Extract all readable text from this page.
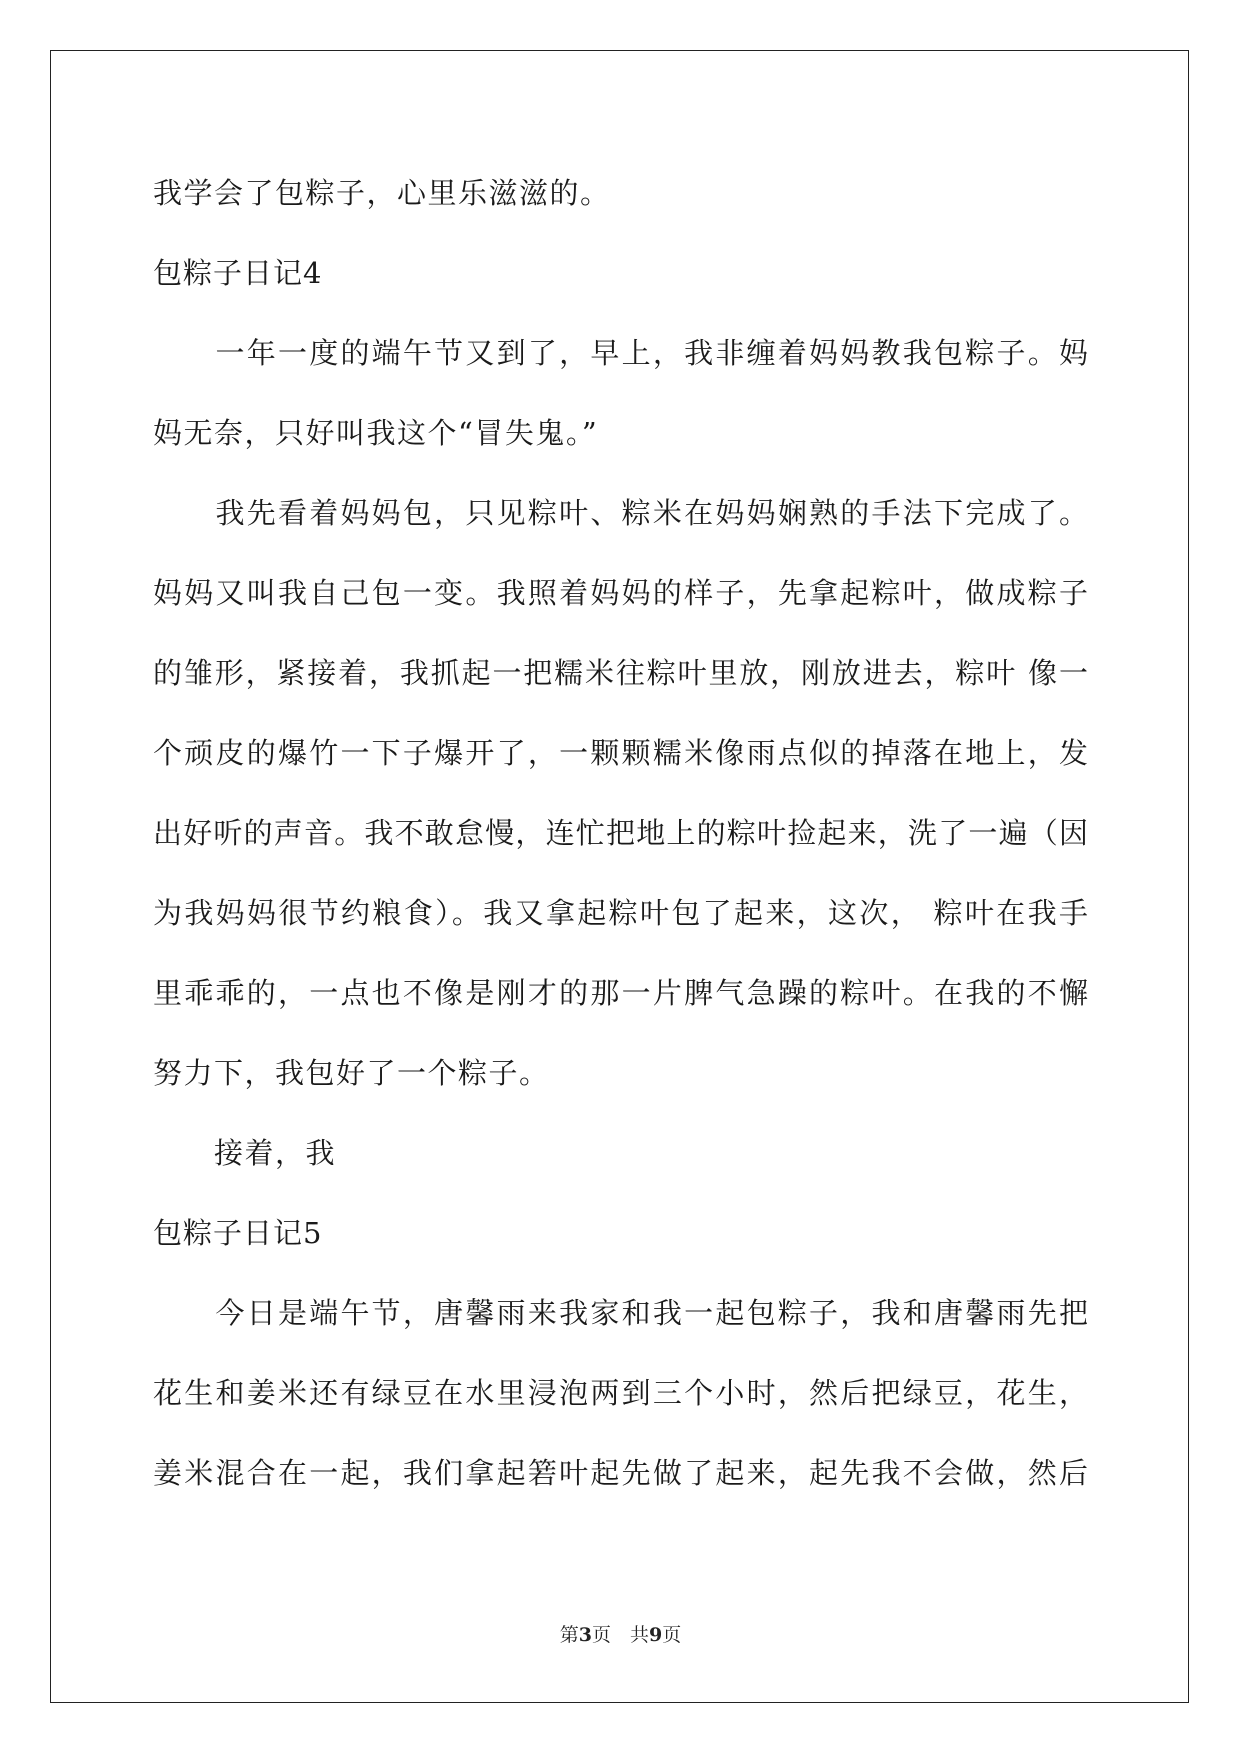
我学会了包粽子，心里乐滋滋的。
包粽子日记4
　　一年一度的端午节又到了，早上，我非缠着妈妈教我包粽子。妈
妈无奈，只好叫我这个“冒失鬼。”
　　我先看着妈妈包，只见粽叶、粽米在妈妈娴熟的手法下完成了。
妈妈又叫我自己包一变。我照着妈妈的样子，先拿起粽叶，做成粽子
的雏形，紧接着，我抓起一把糯米往粽叶里放，刚放进去，粽叶 像一
个顽皮的爆竹一下子爆开了，一颗颗糯米像雨点似的掉落在地上，发
出好听的声音。我不敢怠慢，连忙把地上的粽叶捡起来，洗了一遍（因
为我妈妈很节约粮食）。我又拿起粽叶包了起来，这次， 粽叶在我手
里乖乖的，一点也不像是刚才的那一片脾气急躁的粽叶。在我的不懈
努力下，我包好了一个粽子。
　　接着，我
包粽子日记5
　　今日是端午节，唐馨雨来我家和我一起包粽子，我和唐馨雨先把
花生和姜米还有绿豆在水里浸泡两到三个小时，然后把绿豆，花生，
姜米混合在一起，我们拿起箬叶起先做了起来，起先我不会做，然后
第3页　共9页
